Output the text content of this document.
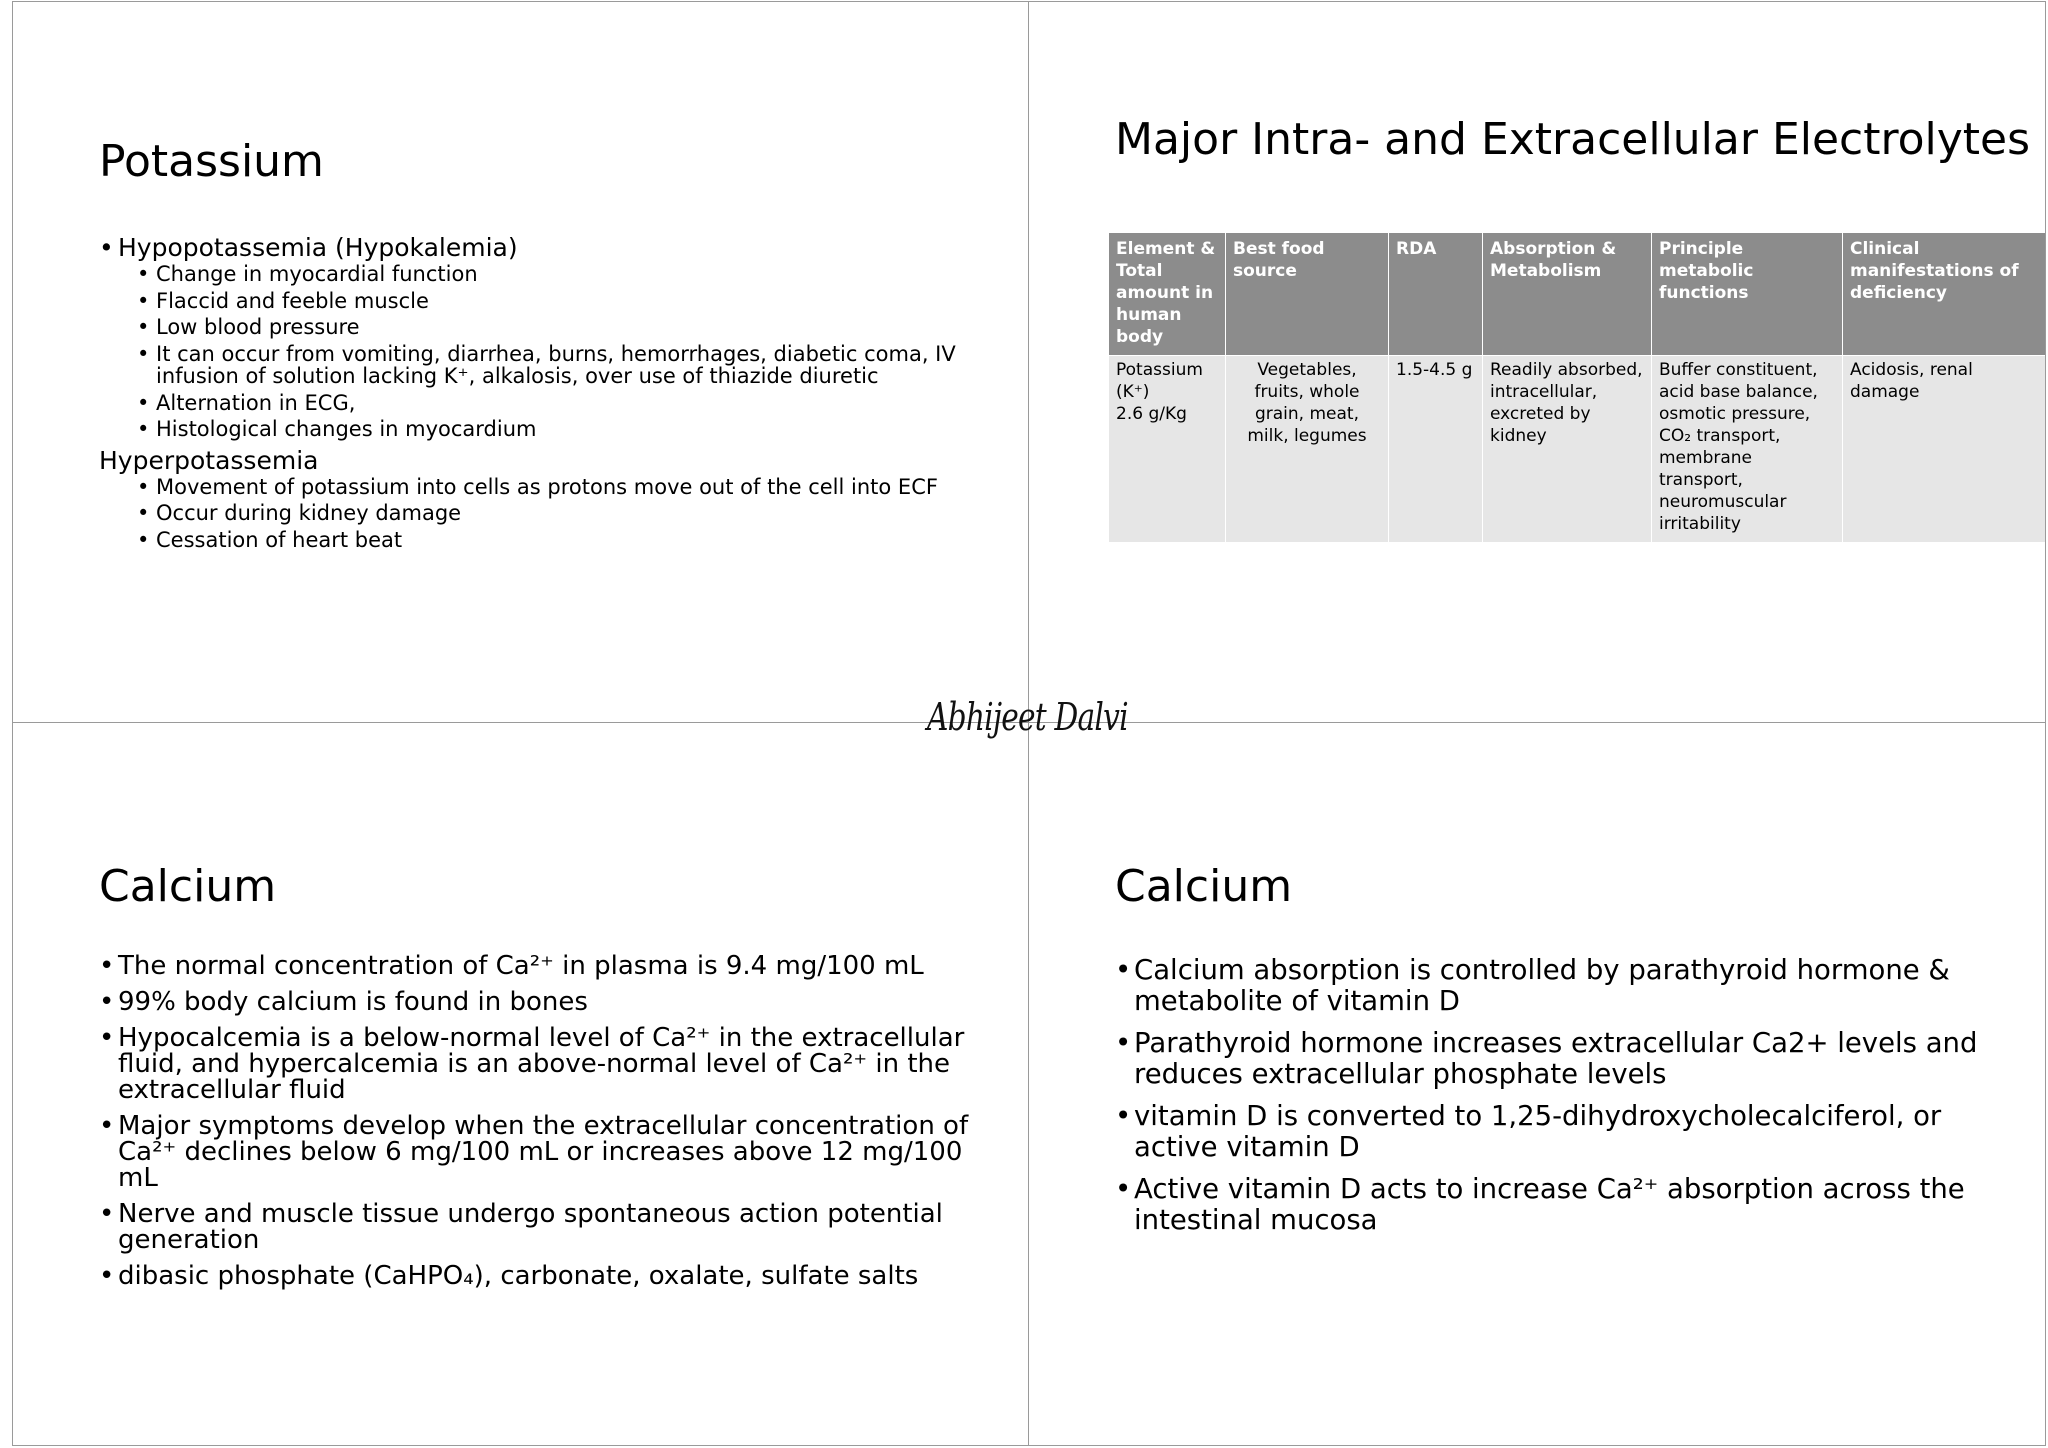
Potassium

• Hypopotassemia (Hypokalemia)

• Change in myocardial function
• Flaccid and feeble muscle
• Low blood pressure
• It can occur from vomiting, diarrhea, burns, hemorrhages, diabetic coma, IV infusion of solution lacking K⁺, alkalosis, over use of thiazide diuretic
• Alternation in ECG,
• Histological changes in myocardium

Hyperpotassemia

• Movement of potassium into cells as protons move out of the cell into ECF
• Occur during kidney damage
• Cessation of heart beat
Major Intra- and Extracellular Electrolytes
Element & Total amount in human body	Best food source	RDA	Absorption & Metabolism	Principle metabolic functions	Clinical manifestations of deficiency

Potassium
(K⁺)
2.6 g/Kg	Vegetables, fruits, whole grain, meat, milk, legumes	1.5-4.5 g	Readily absorbed, intracellular, excreted by kidney	Buffer constituent, acid base balance, osmotic pressure, CO₂ transport, membrane transport, neuromuscular irritability	Acidosis, renal damage
Calcium
• The normal concentration of Ca²⁺ in plasma is 9.4 mg/100 mL
• 99% body calcium is found in bones
• Hypocalcemia is a below-normal level of Ca²⁺ in the extracellular fluid, and hypercalcemia is an above-normal level of Ca²⁺ in the extracellular fluid
• Major symptoms develop when the extracellular concentration of Ca²⁺ declines below 6 mg/100 mL or increases above 12 mg/100 mL
• Nerve and muscle tissue undergo spontaneous action potential generation
• dibasic phosphate (CaHPO₄), carbonate, oxalate, sulfate salts
Calcium
• Calcium absorption is controlled by parathyroid hormone & metabolite of vitamin D
• Parathyroid hormone increases extracellular Ca2+ levels and reduces extracellular phosphate levels
• vitamin D is converted to 1,25-dihydroxycholecalciferol, or active vitamin D
• Active vitamin D acts to increase Ca²⁺ absorption across the intestinal mucosa
Abhijeet Dalvi
